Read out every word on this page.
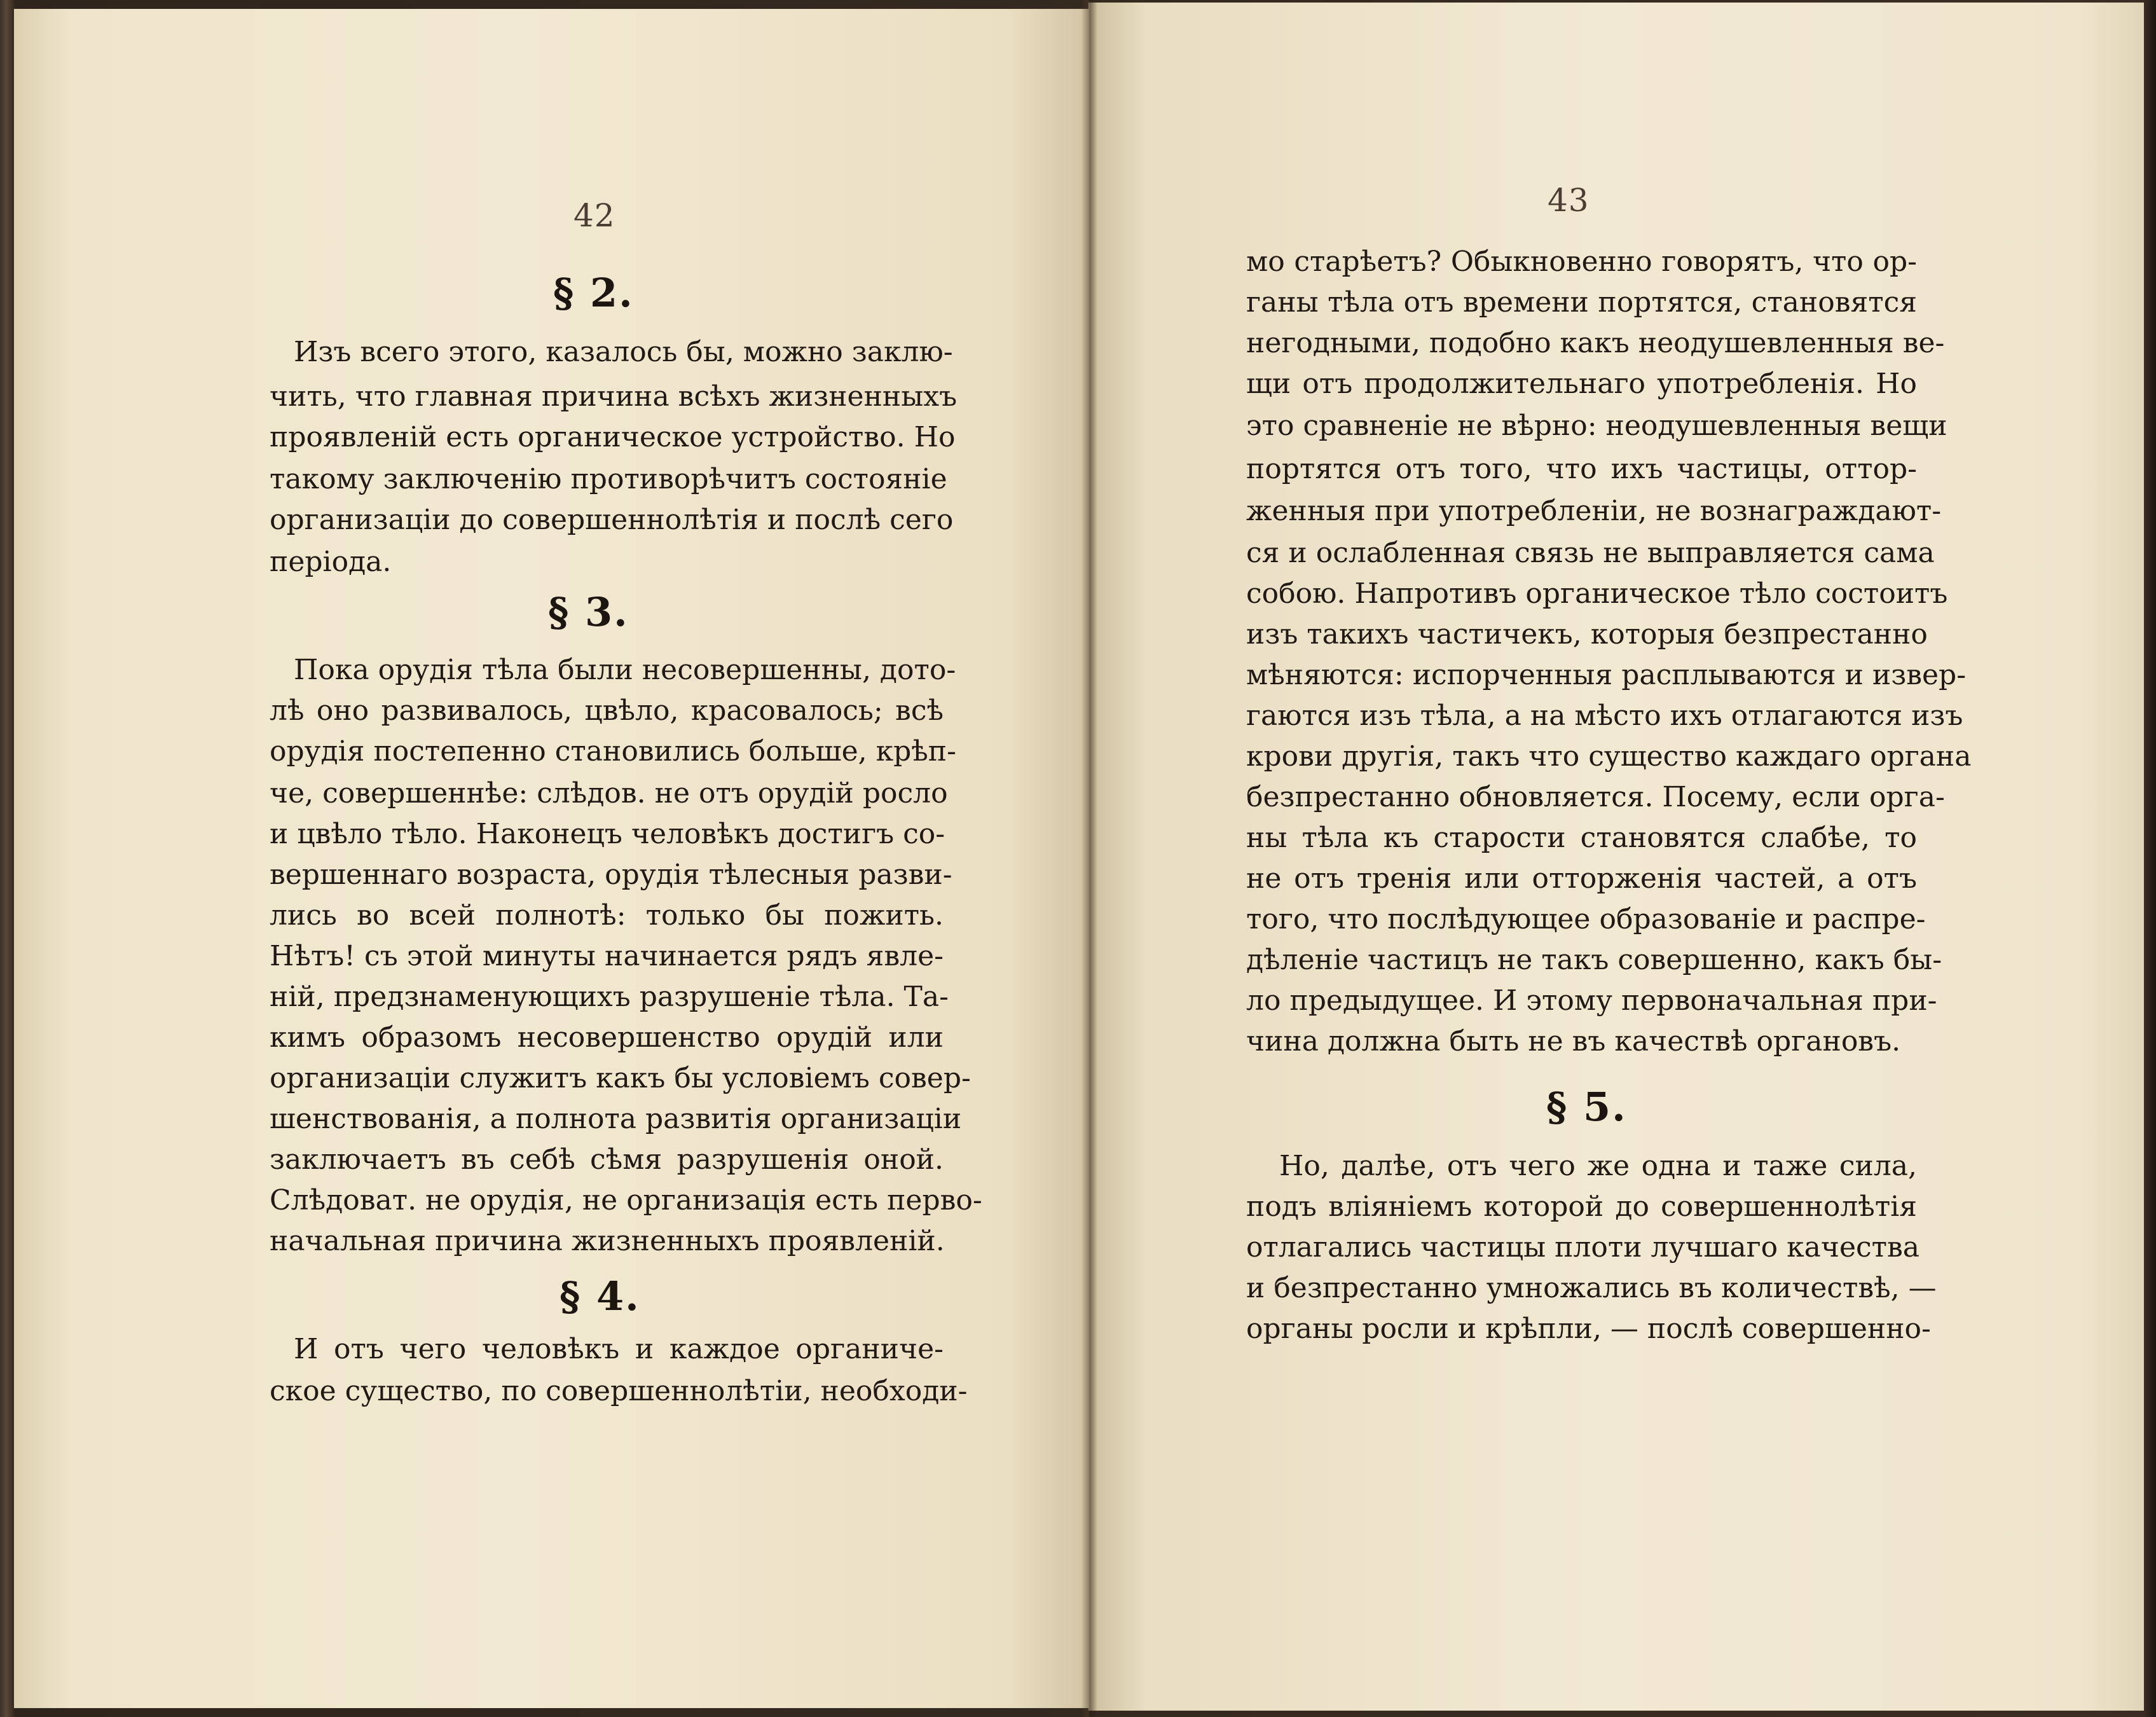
42
§ 2.
Изъ всего этого, казалось бы, можно заклю-
чить, что главная причина всѣхъ жизненныхъ
проявленій есть органическое устройство. Но
такому заключенію противорѣчитъ состояніе
организаціи до совершеннолѣтія и послѣ сего
періода.
§ 3.
Пока орудія тѣла были несовершенны, дото-
лѣ оно развивалось, цвѣло, красовалось; всѣ
орудія постепенно становились больше, крѣп-
че, совершеннѣе: слѣдов. не отъ орудій росло
и цвѣло тѣло. Наконецъ человѣкъ достигъ со-
вершеннаго возраста, орудія тѣлесныя разви-
лись во всей полнотѣ: только бы пожить.
Нѣтъ! съ этой минуты начинается рядъ явле-
ній, предзнаменующихъ разрушеніе тѣла. Та-
кимъ образомъ несовершенство орудій или
организаціи служитъ какъ бы условіемъ совер-
шенствованія, а полнота развитія организаціи
заключаетъ въ себѣ сѣмя разрушенія оной.
Слѣдоват. не орудія, не организація есть перво-
начальная причина жизненныхъ проявленій.
§ 4.
И отъ чего человѣкъ и каждое органиче-
ское существо, по совершеннолѣтіи, необходи-
43
мо старѣетъ? Обыкновенно говорятъ, что ор-
ганы тѣла отъ времени портятся, становятся
негодными, подобно какъ неодушевленныя ве-
щи отъ продолжительнаго употребленія. Но
это сравненіе не вѣрно: неодушевленныя вещи
портятся отъ того, что ихъ частицы, оттор-
женныя при употребленіи, не вознаграждают-
ся и ослабленная связь не выправляется сама
собою. Напротивъ органическое тѣло состоитъ
изъ такихъ частичекъ, которыя безпрестанно
мѣняются: испорченныя расплываются и извер-
гаются изъ тѣла, а на мѣсто ихъ отлагаются изъ
крови другія, такъ что существо каждаго органа
безпрестанно обновляется. Посему, если орга-
ны тѣла къ старости становятся слабѣе, то
не отъ тренія или отторженія частей, а отъ
того, что послѣдующее образованіе и распре-
дѣленіе частицъ не такъ совершенно, какъ бы-
ло предыдущее. И этому первоначальная при-
чина должна быть не въ качествѣ органовъ.
§ 5.
Но, далѣе, отъ чего же одна и таже сила,
подъ вліяніемъ которой до совершеннолѣтія
отлагались частицы плоти лучшаго качества
и безпрестанно умножались въ количествѣ, —
органы росли и крѣпли, — послѣ совершенно-
